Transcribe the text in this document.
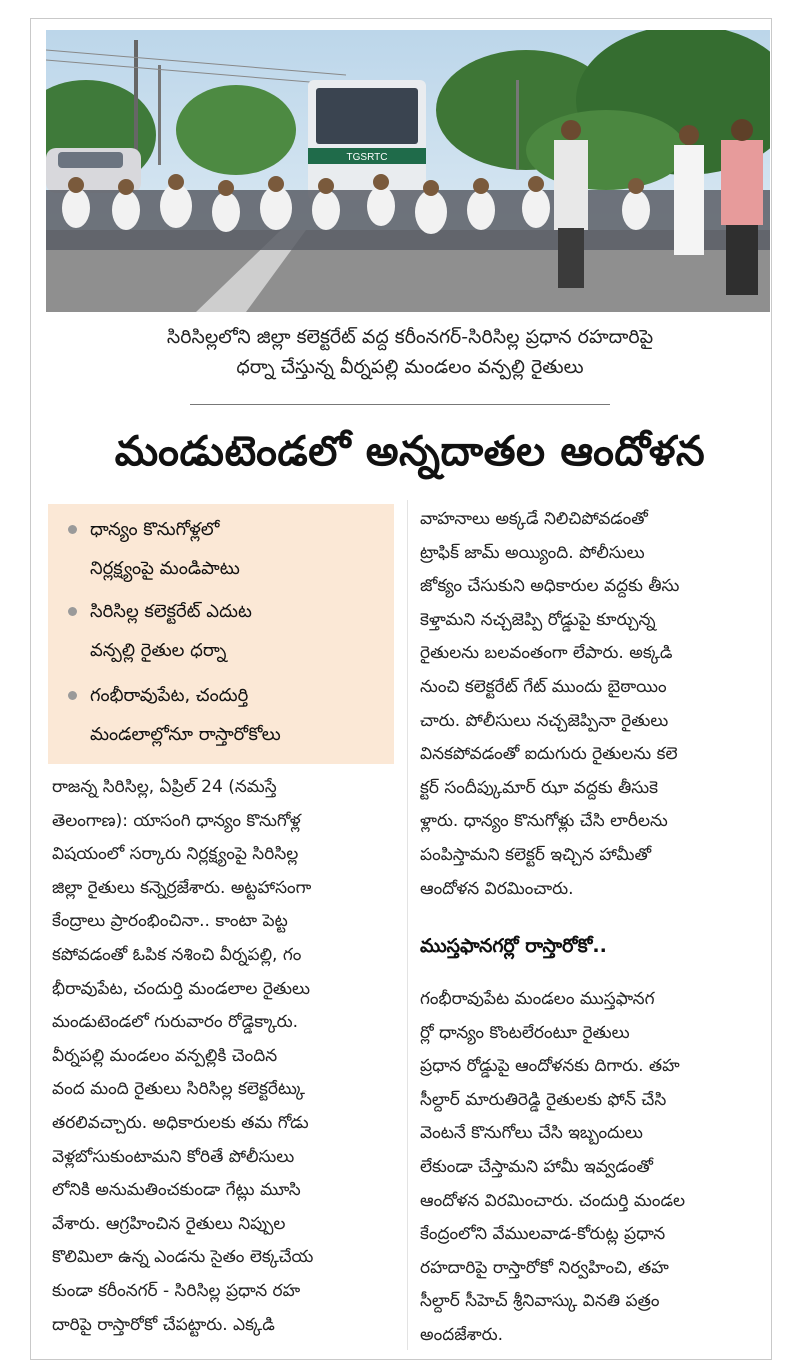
TGSRTC
సిరిసిల్లలోని జిల్లా కలెక్టరేట్ వద్ద కరీంనగర్-సిరిసిల్ల ప్రధాన రహదారిపై
ధర్నా చేస్తున్న వీర్నపల్లి మండలం వన్పల్లి రైతులు
మండుటెండలో అన్నదాతల ఆందోళన
ధాన్యం కొనుగోళ్లలో
నిర్లక్ష్యంపై మండిపాటు
సిరిసిల్ల కలెక్టరేట్ ఎదుట
వన్పల్లి రైతుల ధర్నా
గంభీరావుపేట, చందుర్తి
మండలాల్లోనూ రాస్తారోకోలు
రాజన్న సిరిసిల్ల, ఏప్రిల్ 24 (నమస్తే
తెలంగాణ): యాసంగి ధాన్యం కొనుగోళ్ల
విషయంలో సర్కారు నిర్లక్ష్యంపై సిరిసిల్ల
జిల్లా రైతులు కన్నెర్రజేశారు. అట్టహాసంగా
కేంద్రాలు ప్రారంభించినా.. కాంటా పెట్ట
కపోవడంతో ఓపిక నశించి వీర్నపల్లి, గం
భీరావుపేట, చందుర్తి మండలాల రైతులు
మండుటెండలో గురువారం రోడ్డెక్కారు.
వీర్నపల్లి మండలం వన్పల్లికి చెందిన
వంద మంది రైతులు సిరిసిల్ల కలెక్టరేట్కు
తరలివచ్చారు. అధికారులకు తమ గోడు
వెళ్లబోసుకుంటామని కోరితే పోలీసులు
లోనికి అనుమతించకుండా గేట్లు మూసి
వేశారు. ఆగ్రహించిన రైతులు నిప్పుల
కొలిమిలా ఉన్న ఎండను సైతం లెక్కచేయ
కుండా కరీంనగర్ - సిరిసిల్ల ప్రధాన రహ
దారిపై రాస్తారోకో చేపట్టారు. ఎక్కడి
వాహనాలు అక్కడే నిలిచిపోవడంతో
ట్రాఫిక్ జామ్ అయ్యింది. పోలీసులు
జోక్యం చేసుకుని అధికారుల వద్దకు తీసు
కెళ్తామని నచ్చజెప్పి రోడ్డుపై కూర్చున్న
రైతులను బలవంతంగా లేపారు. అక్కడి
నుంచి కలెక్టరేట్ గేట్ ముందు బైఠాయిం
చారు. పోలీసులు నచ్చజెప్పినా రైతులు
వినకపోవడంతో ఐదుగురు రైతులను కలె
క్టర్ సందీప్కుమార్ ఝా వద్దకు తీసుకె
ళ్లారు. ధాన్యం కొనుగోళ్లు చేసి లారీలను
పంపిస్తామని కలెక్టర్ ఇచ్చిన హామీతో
ఆందోళన విరమించారు.
ముస్తఫానగర్లో రాస్తారోకో..
గంభీరావుపేట మండలం ముస్తఫానగ
ర్లో ధాన్యం కొంటలేరంటూ రైతులు
ప్రధాన రోడ్డుపై ఆందోళనకు దిగారు. తహ
సీల్దార్ మారుతిరెడ్డి రైతులకు ఫోన్ చేసి
వెంటనే కొనుగోలు చేసి ఇబ్బందులు
లేకుండా చేస్తామని హామీ ఇవ్వడంతో
ఆందోళన విరమించారు. చందుర్తి మండల
కేంద్రంలోని వేములవాడ-కోరుట్ల ప్రధాన
రహదారిపై రాస్తారోకో నిర్వహించి, తహ
సీల్దార్ సీహెచ్ శ్రీనివాస్కు వినతి పత్రం
అందజేశారు.
